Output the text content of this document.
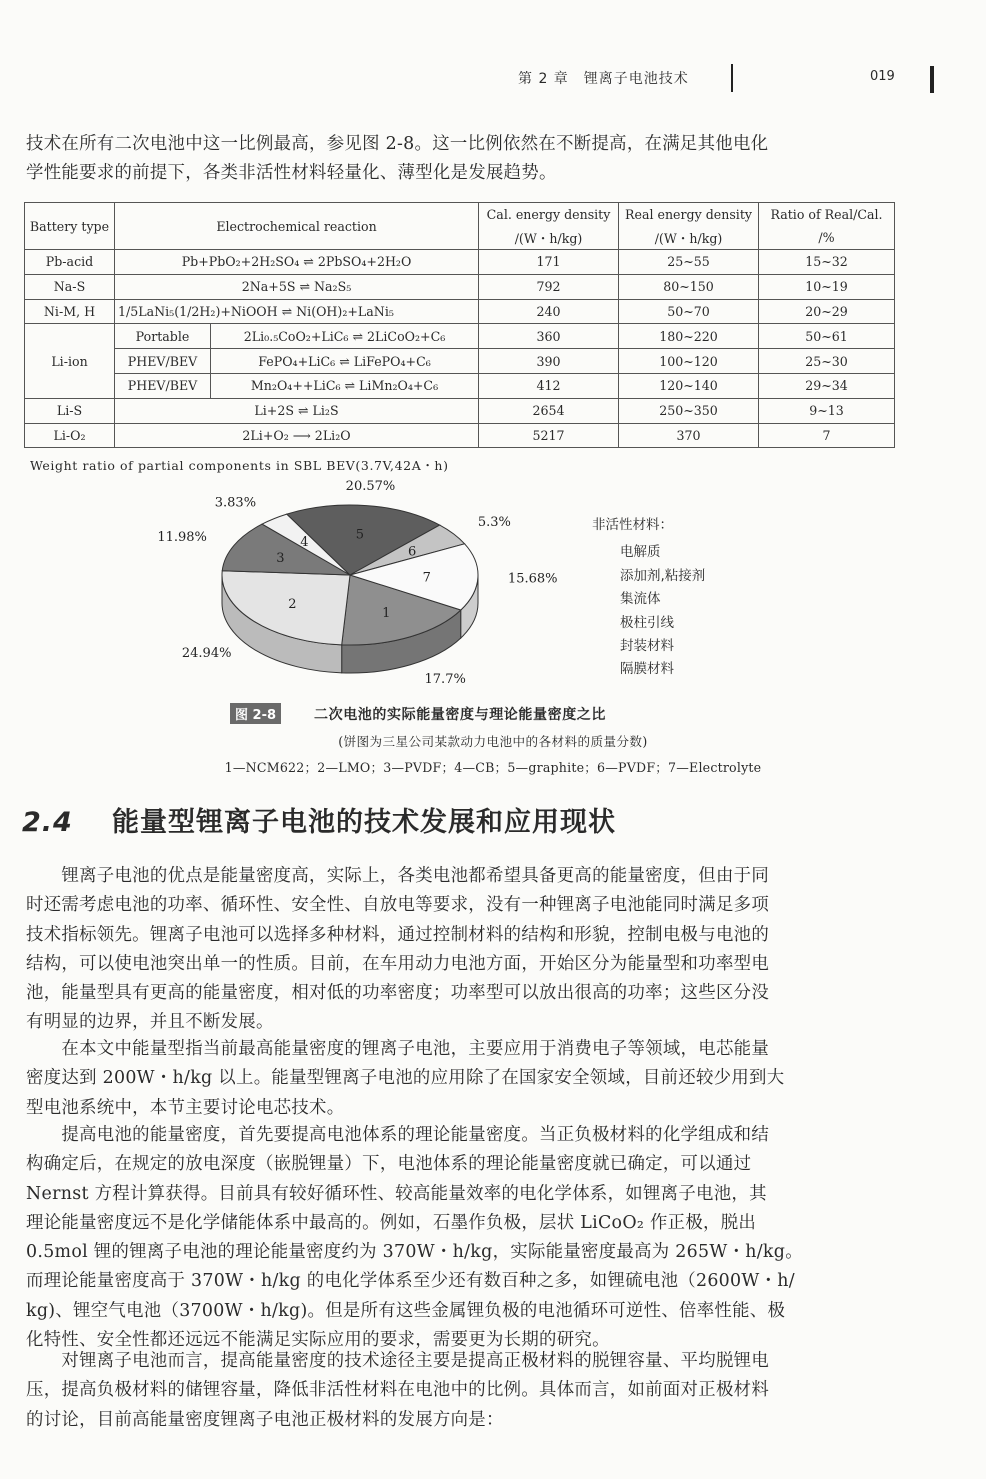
第 2 章　锂离子电池技术	019
技术在所有二次电池中这一比例最高，参见图 2-8。这一比例依然在不断提高，在满足其他电化
学性能要求的前提下，各类非活性材料轻量化、薄型化是发展趋势。
Battery type	Electrochemical reaction		Cal. energy density	Real energy density	Ratio of Real/Cal.
			/(W・h/kg)	/(W・h/kg)	/%
Pb-acid	Pb+PbO₂+2H₂SO₄ ⇌ 2PbSO₄+2H₂O		171	25~55	15~32
Na-S	2Na+5S ⇌ Na₂S₅		792	80~150	10~19
Ni-M, H	1/5LaNi₅(1/2H₂)+NiOOH ⇌ Ni(OH)₂+LaNi₅		240	50~70	20~29
Li-ion	Portable	2Li₀.₅CoO₂+LiC₆ ⇌ 2LiCoO₂+C₆	360	180~220	50~61
	PHEV/BEV	FePO₄+LiC₆ ⇌ LiFePO₄+C₆	390	100~120	25~30
	PHEV/BEV	Mn₂O₄++LiC₆ ⇌ LiMn₂O₄+C₆	412	120~140	29~34
Li-S	Li+2S ⇌ Li₂S		2654	250~350	9~13
Li-O₂	2Li+O₂ ⟶ 2Li₂O		5217	370	7
Weight ratio of partial components in SBL BEV(3.7V,42A・h)
1
17.7%
2
24.94%
3
11.98%	4
3.83%
5
20.57%
6
5.3%
7	15.68%
非活性材料：
电解质
添加剂,粘接剂
集流体
极柱引线
封装材料
隔膜材料
图 2-8	二次电池的实际能量密度与理论能量密度之比
(饼图为三星公司某款动力电池中的各材料的质量分数)
1—NCM622；2—LMO；3—PVDF；4—CB；5—graphite；6—PVDF；7—Electrolyte
2.4 能量型锂离子电池的技术发展和应用现状
　　锂离子电池的优点是能量密度高，实际上，各类电池都希望具备更高的能量密度，但由于同
时还需考虑电池的功率、循环性、安全性、自放电等要求，没有一种锂离子电池能同时满足多项
技术指标领先。锂离子电池可以选择多种材料，通过控制材料的结构和形貌，控制电极与电池的
结构，可以使电池突出单一的性质。目前，在车用动力电池方面，开始区分为能量型和功率型电
池，能量型具有更高的能量密度，相对低的功率密度；功率型可以放出很高的功率；这些区分没
有明显的边界，并且不断发展。
　　在本文中能量型指当前最高能量密度的锂离子电池，主要应用于消费电子等领域，电芯能量
密度达到 200W・h/kg 以上。能量型锂离子电池的应用除了在国家安全领域，目前还较少用到大
型电池系统中，本节主要讨论电芯技术。
　　提高电池的能量密度，首先要提高电池体系的理论能量密度。当正负极材料的化学组成和结
构确定后，在规定的放电深度（嵌脱锂量）下，电池体系的理论能量密度就已确定，可以通过
Nernst 方程计算获得。目前具有较好循环性、较高能量效率的电化学体系，如锂离子电池，其
理论能量密度远不是化学储能体系中最高的。例如，石墨作负极，层状 LiCoO₂ 作正极，脱出
0.5mol 锂的锂离子电池的理论能量密度约为 370W・h/kg，实际能量密度最高为 265W・h/kg。
而理论能量密度高于 370W・h/kg 的电化学体系至少还有数百种之多，如锂硫电池（2600W・h/
kg)、锂空气电池（3700W・h/kg)。但是所有这些金属锂负极的电池循环可逆性、倍率性能、极
化特性、安全性都还远远不能满足实际应用的要求，需要更为长期的研究。
　　对锂离子电池而言，提高能量密度的技术途径主要是提高正极材料的脱锂容量、平均脱锂电
压，提高负极材料的储锂容量，降低非活性材料在电池中的比例。具体而言，如前面对正极材料
的讨论，目前高能量密度锂离子电池正极材料的发展方向是：
